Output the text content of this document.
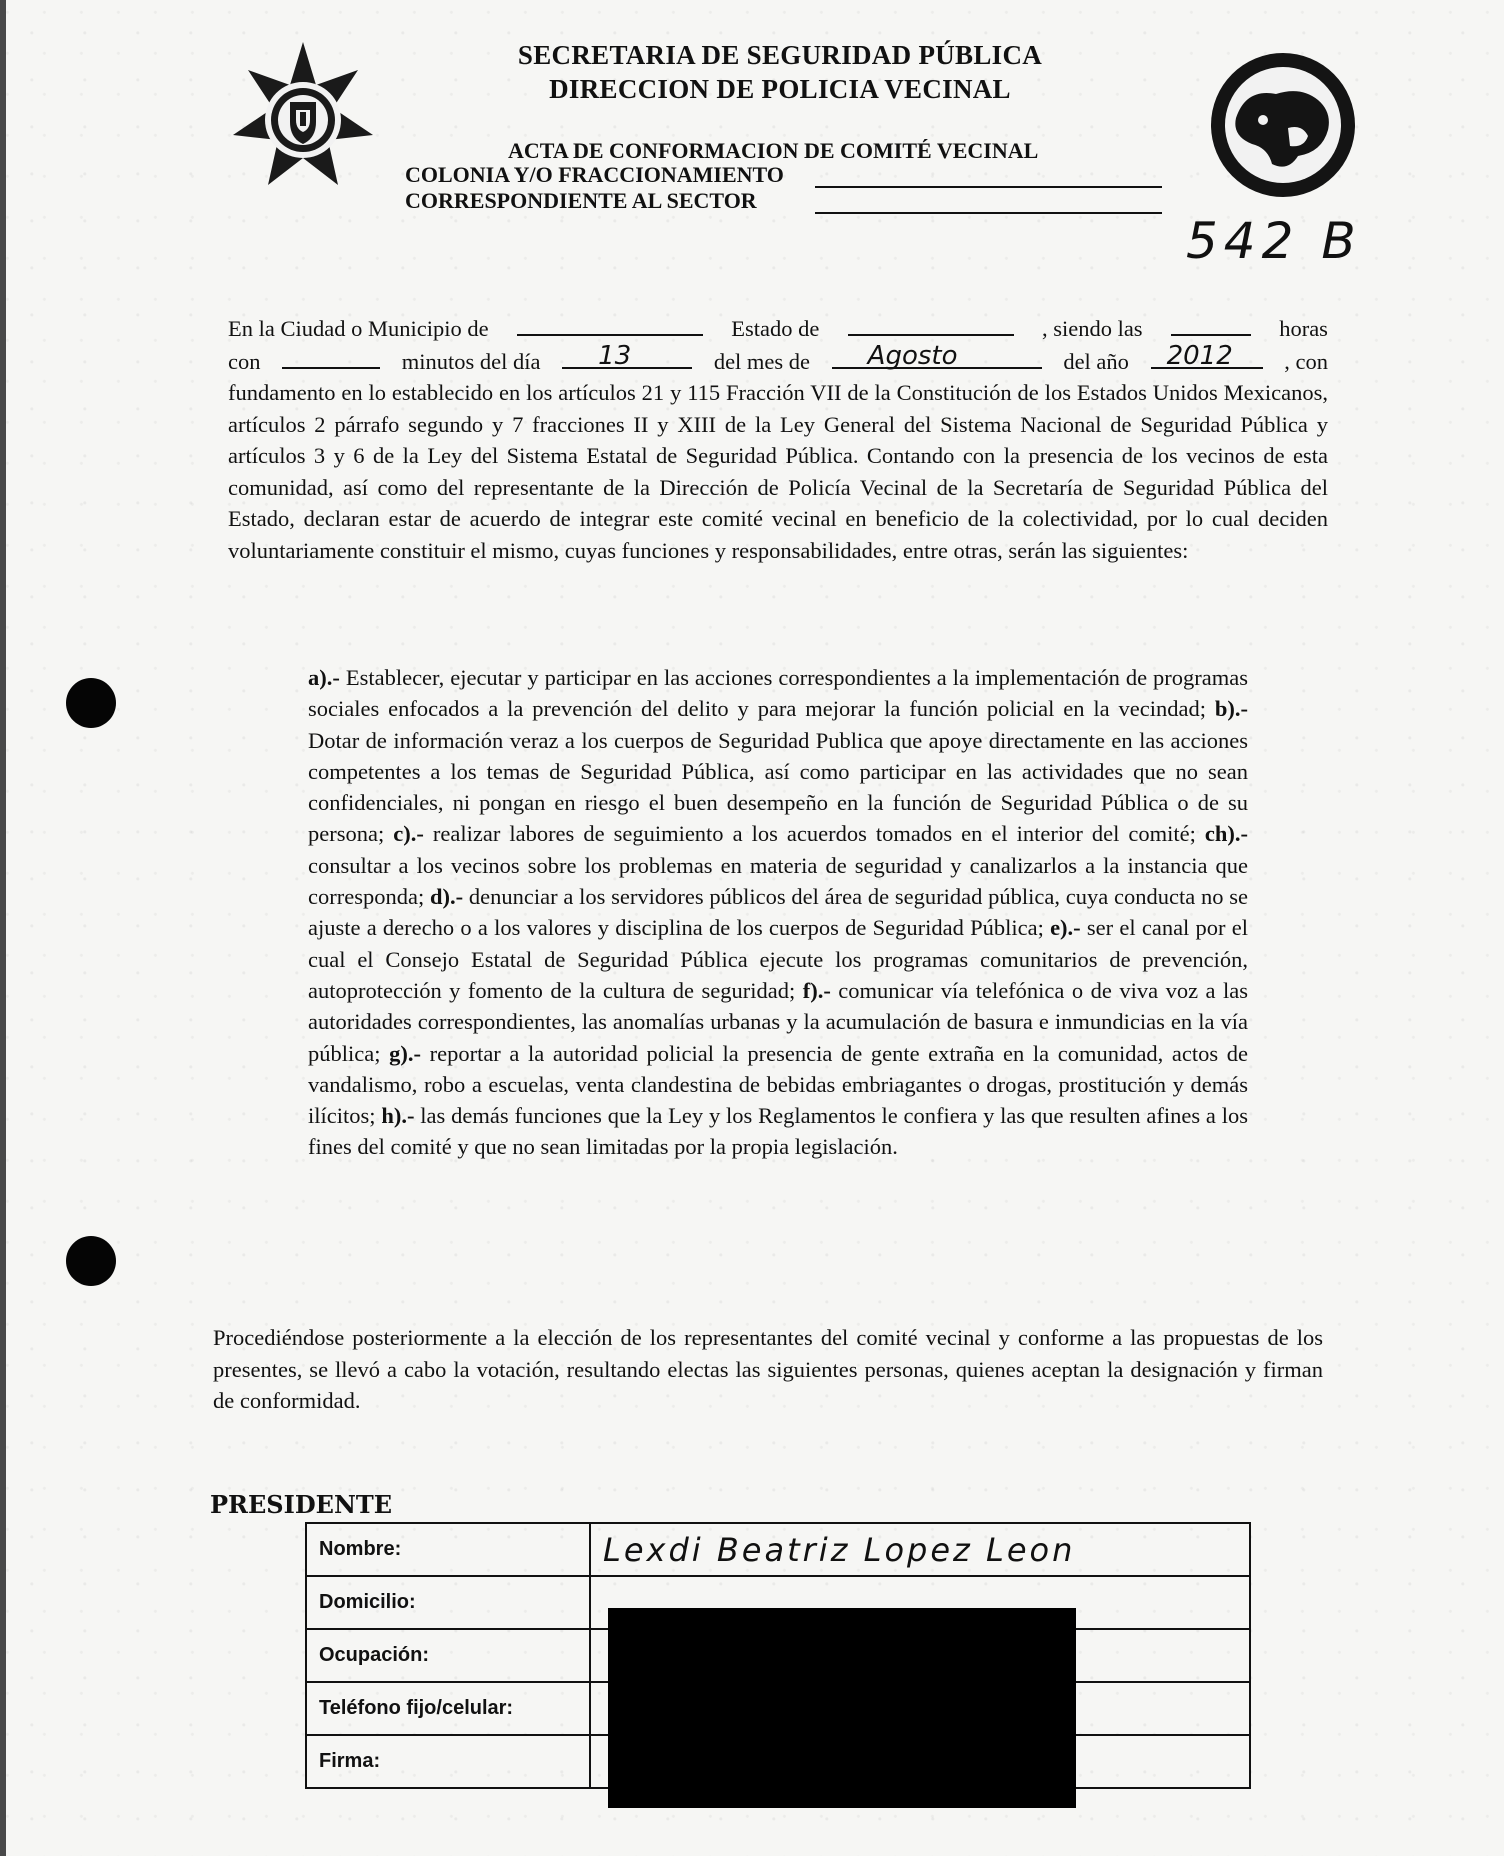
SECRETARIA DE SEGURIDAD PÚBLICA
DIRECCION DE POLICIA VECINAL
ACTA DE CONFORMACION DE COMITÉ VECINAL
COLONIA Y/O FRACCIONAMIENTO
CORRESPONDIENTE AL SECTOR
542 B
En la Ciudad o Municipio de	Estado de	, siendo las	horas
con	minutos del día 13	del mes de Agosto	del año 2012 , con
fundamento en lo establecido en los artículos 21 y 115 Fracción VII de la Constitución de los Estados Unidos Mexicanos, artículos 2 párrafo segundo y 7 fracciones II y XIII de la Ley General del Sistema Nacional de Seguridad Pública y artículos 3 y 6 de la Ley del Sistema Estatal de Seguridad Pública. Contando con la presencia de los vecinos de esta comunidad, así como del representante de la Dirección de Policía Vecinal de la Secretaría de Seguridad Pública del Estado, declaran estar de acuerdo de integrar este comité vecinal en beneficio de la colectividad, por lo cual deciden voluntariamente constituir el mismo, cuyas funciones y responsabilidades, entre otras, serán las siguientes:
a).- Establecer, ejecutar y participar en las acciones correspondientes a la implementación de programas sociales enfocados a la prevención del delito y para mejorar la función policial en la vecindad; b).- Dotar de información veraz a los cuerpos de Seguridad Publica que apoye directamente en las acciones competentes a los temas de Seguridad Pública, así como participar en las actividades que no sean confidenciales, ni pongan en riesgo el buen desempeño en la función de Seguridad Pública o de su persona; c).- realizar labores de seguimiento a los acuerdos tomados en el interior del comité; ch).- consultar a los vecinos sobre los problemas en materia de seguridad y canalizarlos a la instancia que corresponda; d).- denunciar a los servidores públicos del área de seguridad pública, cuya conducta no se ajuste a derecho o a los valores y disciplina de los cuerpos de Seguridad Pública; e).- ser el canal por el cual el Consejo Estatal de Seguridad Pública ejecute los programas comunitarios de prevención, autoprotección y fomento de la cultura de seguridad; f).- comunicar vía telefónica o de viva voz a las autoridades correspondientes, las anomalías urbanas y la acumulación de basura e inmundicias en la vía pública; g).- reportar a la autoridad policial la presencia de gente extraña en la comunidad, actos de vandalismo, robo a escuelas, venta clandestina de bebidas embriagantes o drogas, prostitución y demás ilícitos; h).- las demás funciones que la Ley y los Reglamentos le confiera y las que resulten afines a los fines del comité y que no sean limitadas por la propia legislación.
Procediéndose posteriormente a la elección de los representantes del comité vecinal y conforme a las propuestas de los presentes, se llevó a cabo la votación, resultando electas las siguientes personas, quienes aceptan la designación y firman de conformidad.
PRESIDENTE
Nombre:	Lexdi Beatriz Lopez Leon
Domicilio:	
Ocupación:	
Teléfono fijo/celular:	
Firma:	
